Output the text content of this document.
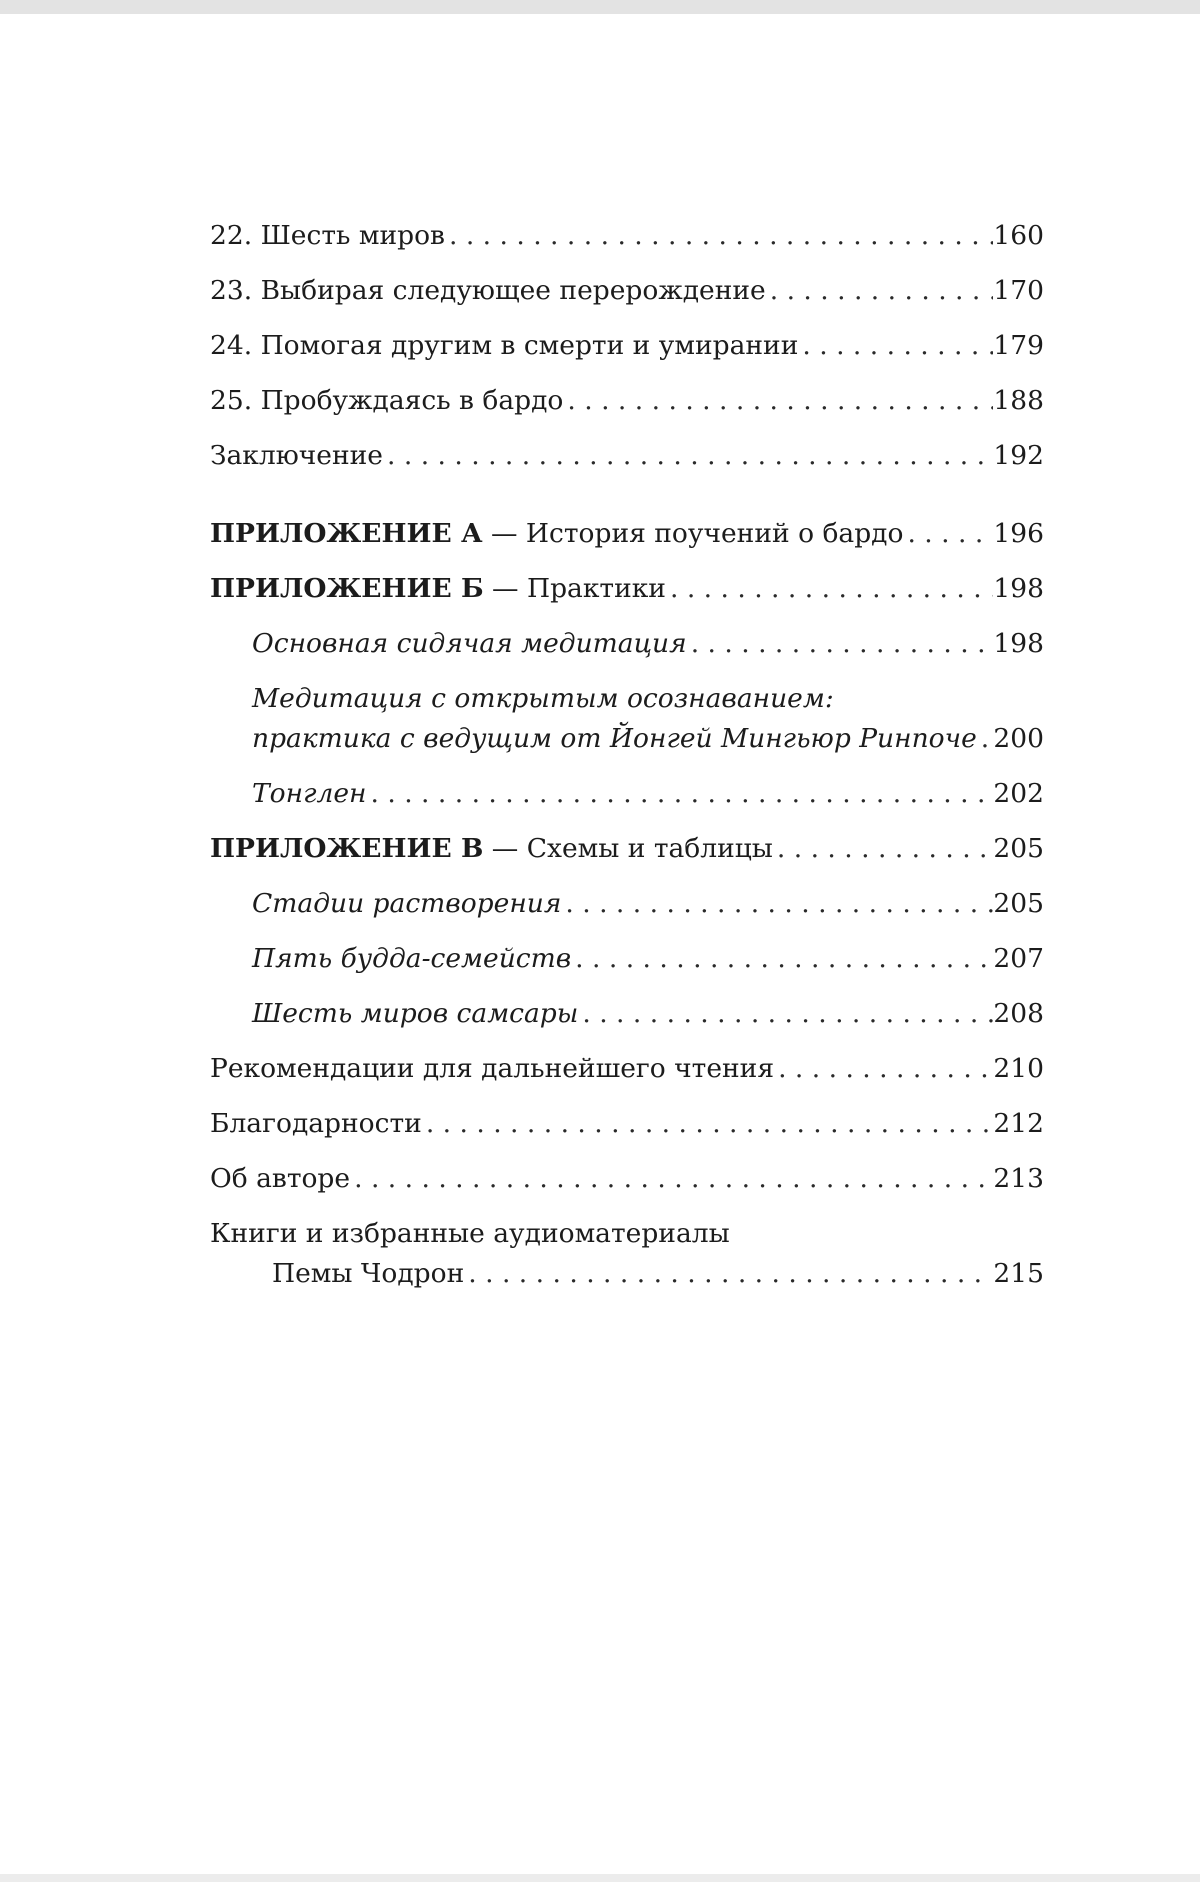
22. Шесть миров . . .	160
23. Выбирая следующее перерождение . . .	170
24. Помогая другим в смерти и умирании . . .	179
25. Пробуждаясь в бардо . . .	188
Заключение . . .	192
ПРИЛОЖЕНИЕ А — История поучений о бардо . . .	196
ПРИЛОЖЕНИЕ Б — Практики . . .	198
Основная сидячая медитация . . .	198
Медитация с открытым осознаванием:
практика с ведущим от Йонгей Мингьюр Ринпоче . . . 200
Тонглен . . .	202
ПРИЛОЖЕНИЕ В — Схемы и таблицы . . .	205
Стадии растворения . . .	205
Пять будда-семейств . . .	207
Шесть миров самсары . . .	208
Рекомендации для дальнейшего чтения . . .	210
Благодарности . . .	212
Об авторе . . .	213
Книги и избранные аудиоматериалы
Пемы Чодрон . . .	215
